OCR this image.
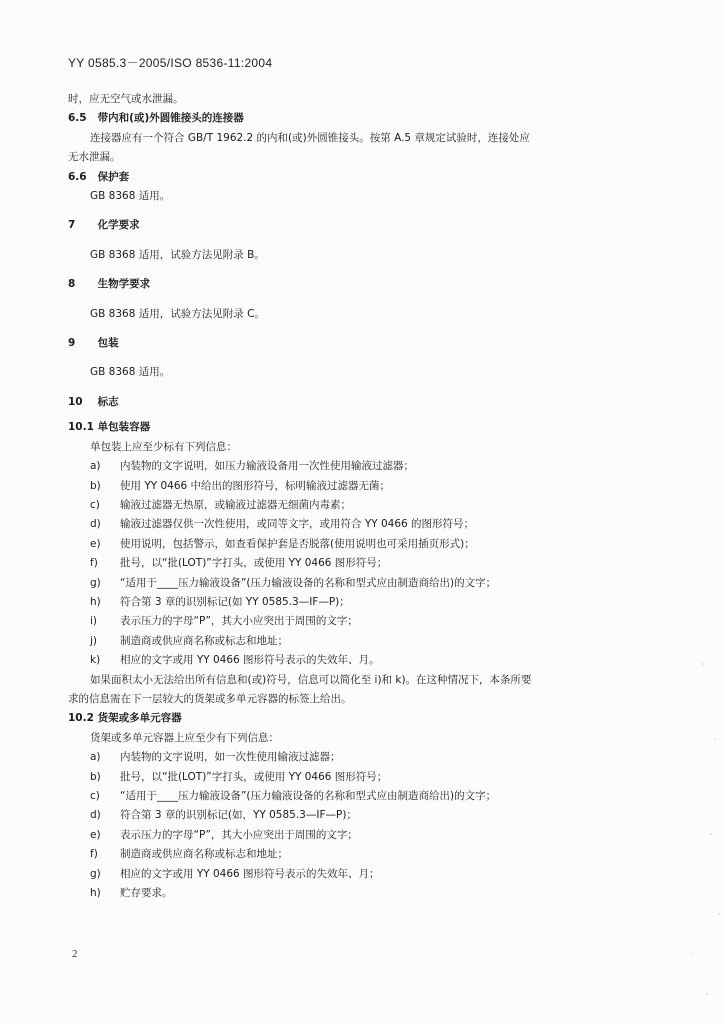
YY 0585.3－2005/ISO 8536-11:2004
时，应无空气或水泄漏。
6.5 带内和(或)外圆锥接头的连接器
连接器应有一个符合 GB/T 1962.2 的内和(或)外圆锥接头。按第 A.5 章规定试验时，连接处应
无水泄漏。
6.6 保护套
GB 8368 适用。
7 化学要求
GB 8368 适用，试验方法见附录 B。
8 生物学要求
GB 8368 适用，试验方法见附录 C。
9 包装
GB 8368 适用。
10 标志
10.1 单包装容器
单包装上应至少标有下列信息：
a) 内装物的文字说明，如压力输液设备用一次性使用输液过滤器；
b) 使用 YY 0466 中给出的图形符号，标明输液过滤器无菌；
c) 输液过滤器无热原，或输液过滤器无细菌内毒素；
d) 输液过滤器仅供一次性使用，或同等文字，或用符合 YY 0466 的图形符号；
e) 使用说明，包括警示，如查看保护套是否脱落(使用说明也可采用插页形式)；
f) 批号，以“批(LOT)”字打头，或使用 YY 0466 图形符号；
g) “适用于____压力输液设备”(压力输液设备的名称和型式应由制造商给出)的文字；
h) 符合第 3 章的识别标记(如 YY 0585.3—IF—P)；
i) 表示压力的字母“P”，其大小应突出于周围的文字；
j) 制造商或供应商名称或标志和地址；
k) 相应的文字或用 YY 0466 图形符号表示的失效年、月。
如果面积太小无法给出所有信息和(或)符号，信息可以简化至 i)和 k)。在这种情况下，本条所要
求的信息需在下一层较大的货架或多单元容器的标签上给出。
10.2 货架或多单元容器
货架或多单元容器上应至少有下列信息：
a) 内装物的文字说明，如一次性使用输液过滤器；
b) 批号，以“批(LOT)”字打头，或使用 YY 0466 图形符号；
c) “适用于____压力输液设备”(压力输液设备的名称和型式应由制造商给出)的文字；
d) 符合第 3 章的识别标记(如，YY 0585.3—IF—P)；
e) 表示压力的字母“P”，其大小应突出于周围的文字；
f) 制造商或供应商名称或标志和地址；
g) 相应的文字或用 YY 0466 图形符号表示的失效年、月；
h) 贮存要求。
2
